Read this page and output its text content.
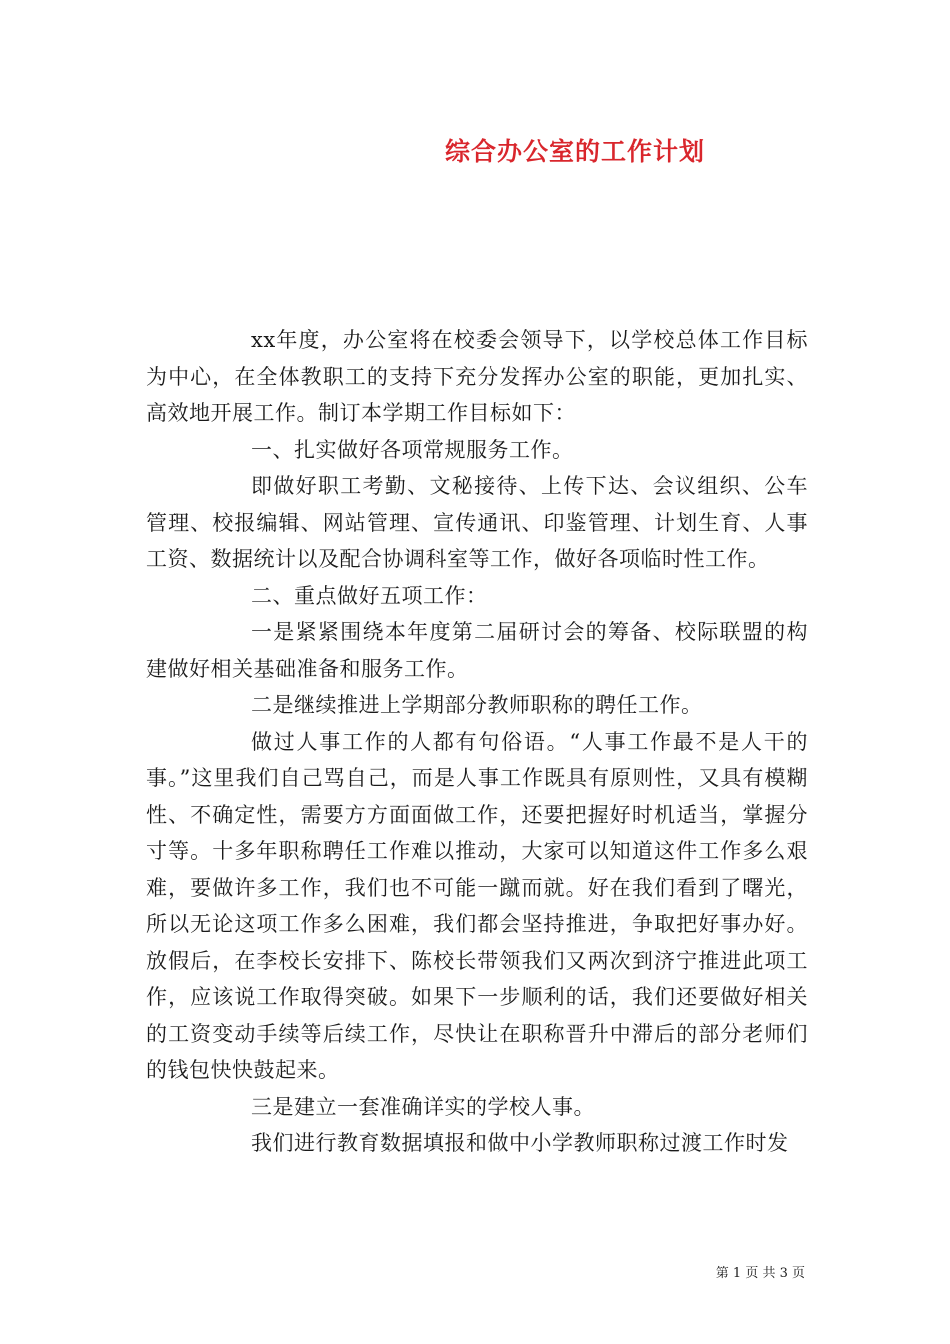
综合办公室的工作计划

xx年度，办公室将在校委会领导下，以学校总体工作目标为中心，在全体教职工的支持下充分发挥办公室的职能，更加扎实、高效地开展工作。制订本学期工作目标如下：

一、扎实做好各项常规服务工作。

即做好职工考勤、文秘接待、上传下达、会议组织、公车管理、校报编辑、网站管理、宣传通讯、印鉴管理、计划生育、人事工资、数据统计以及配合协调科室等工作，做好各项临时性工作。

二、重点做好五项工作：

一是紧紧围绕本年度第二届研讨会的筹备、校际联盟的构建做好相关基础准备和服务工作。

二是继续推进上学期部分教师职称的聘任工作。

做过人事工作的人都有句俗语。“人事工作最不是人干的事。”这里我们自己骂自己，而是人事工作既具有原则性，又具有模糊性、不确定性，需要方方面面做工作，还要把握好时机适当，掌握分寸等。十多年职称聘任工作难以推动，大家可以知道这件工作多么艰难，要做许多工作，我们也不可能一蹴而就。好在我们看到了曙光，所以无论这项工作多么困难，我们都会坚持推进，争取把好事办好。放假后，在李校长安排下、陈校长带领我们又两次到济宁推进此项工作，应该说工作取得突破。如果下一步顺利的话，我们还要做好相关的工资变动手续等后续工作，尽快让在职称晋升中滞后的部分老师们的钱包快快鼓起来。

三是建立一套准确详实的学校人事。

我们进行教育数据填报和做中小学教师职称过渡工作时发

第 1 页 共 3 页
